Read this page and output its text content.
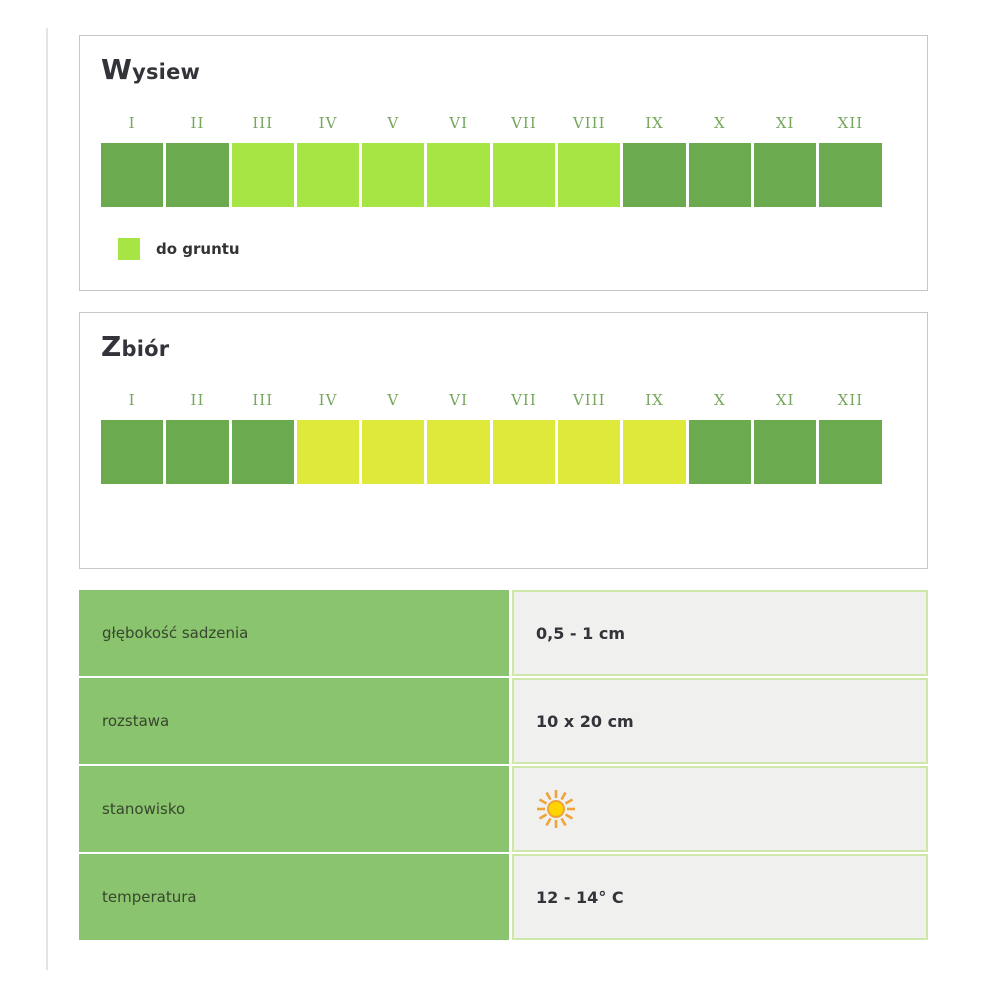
Wysiew
I	II	III	IV	V	VI	VII	VIII	IX	X	XI	XII
do gruntu
Zbiór
I	II	III	IV	V	VI	VII	VIII	IX	X	XI	XII
głębokość sadzenia	0,5 - 1 cm
rozstawa	10 x 20 cm
stanowisko
temperatura	12 - 14° C
